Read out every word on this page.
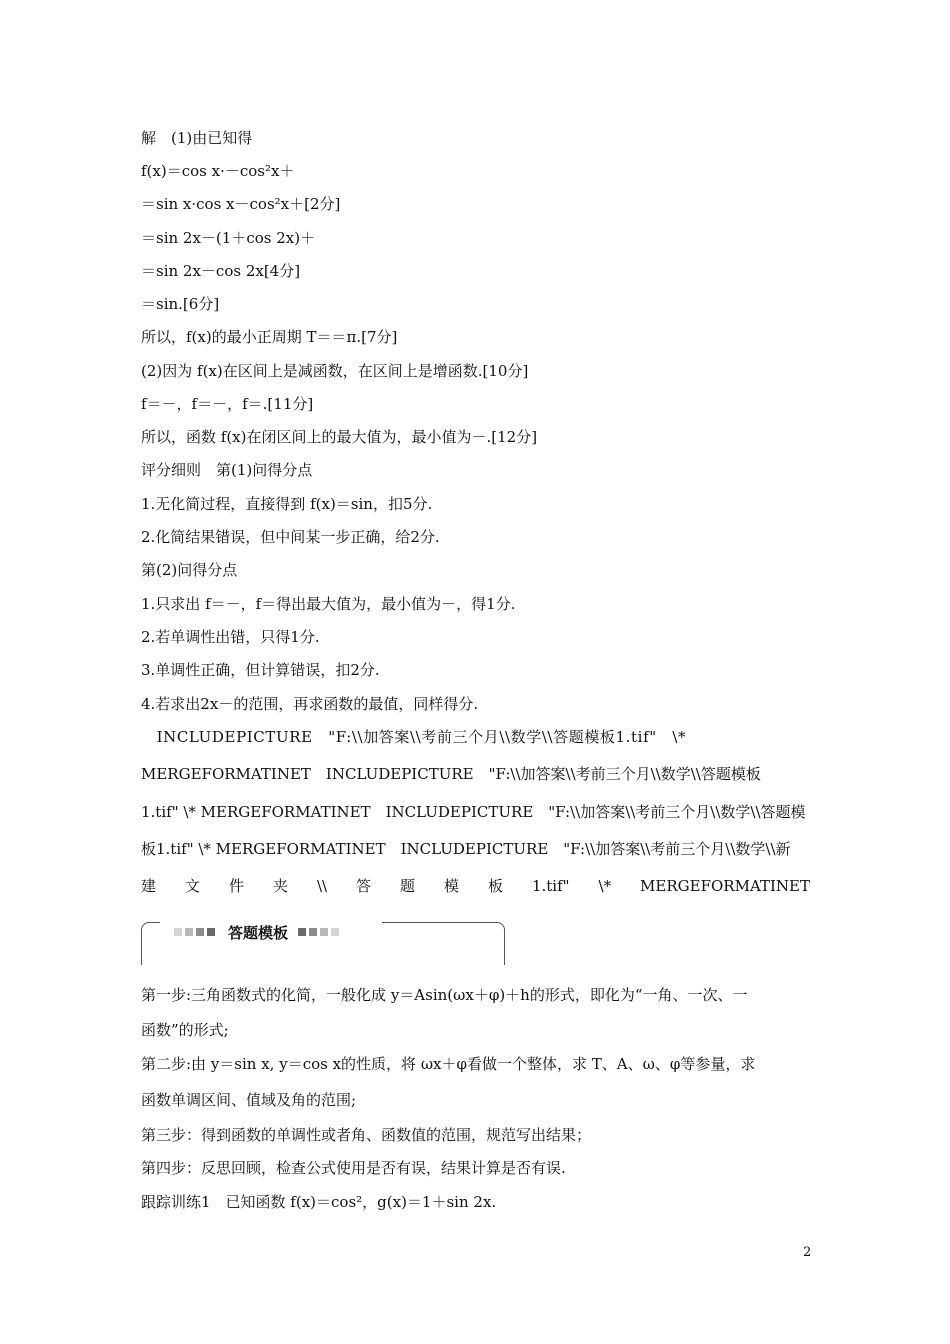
解　(1)由已知得
f(x)＝cos x·－cos²x＋
＝sin x·cos x－cos²x＋[2分]
＝sin 2x－(1＋cos 2x)＋
＝sin 2x－cos 2x[4分]
＝sin.[6分]
所以，f(x)的最小正周期 T＝＝π.[7分]
(2)因为 f(x)在区间上是减函数，在区间上是增函数.[10分]
f＝－，f＝－，f＝.[11分]
所以，函数 f(x)在闭区间上的最大值为，最小值为－.[12分]
评分细则　第(1)问得分点
1.无化简过程，直接得到 f(x)＝sin，扣5分.
2.化简结果错误，但中间某一步正确，给2分.
第(2)问得分点
1.只求出 f＝－，f＝得出最大值为，最小值为－，得1分.
2.若单调性出错，只得1分.
3.单调性正确，但计算错误，扣2分.
4.若求出2x－的范围，再求函数的最值，同样得分.
　INCLUDEPICTURE　"F:\\加答案\\考前三个月\\数学\\答题模板1.tif"　\*
MERGEFORMATINET　INCLUDEPICTURE　"F:\\加答案\\考前三个月\\数学\\答题模板
1.tif" \* MERGEFORMATINET　INCLUDEPICTURE　"F:\\加答案\\考前三个月\\数学\\答题模
板1.tif" \* MERGEFORMATINET　INCLUDEPICTURE　"F:\\加答案\\考前三个月\\数学\\新
建 文 件 夹 \\ 答 题 模 板 1.tif" \* MERGEFORMATINET
答题模板
第一步:三角函数式的化简，一般化成 y＝Asin(ωx＋φ)＋h的形式，即化为“一角、一次、一
函数”的形式;
第二步:由 y＝sin x, y＝cos x的性质，将 ωx＋φ看做一个整体，求 T、A、ω、φ等参量，求
函数单调区间、值域及角的范围;
第三步：得到函数的单调性或者角、函数值的范围，规范写出结果；
第四步：反思回顾，检查公式使用是否有误，结果计算是否有误.
跟踪训练1　已知函数 f(x)＝cos²，g(x)＝1＋sin 2x.
2
